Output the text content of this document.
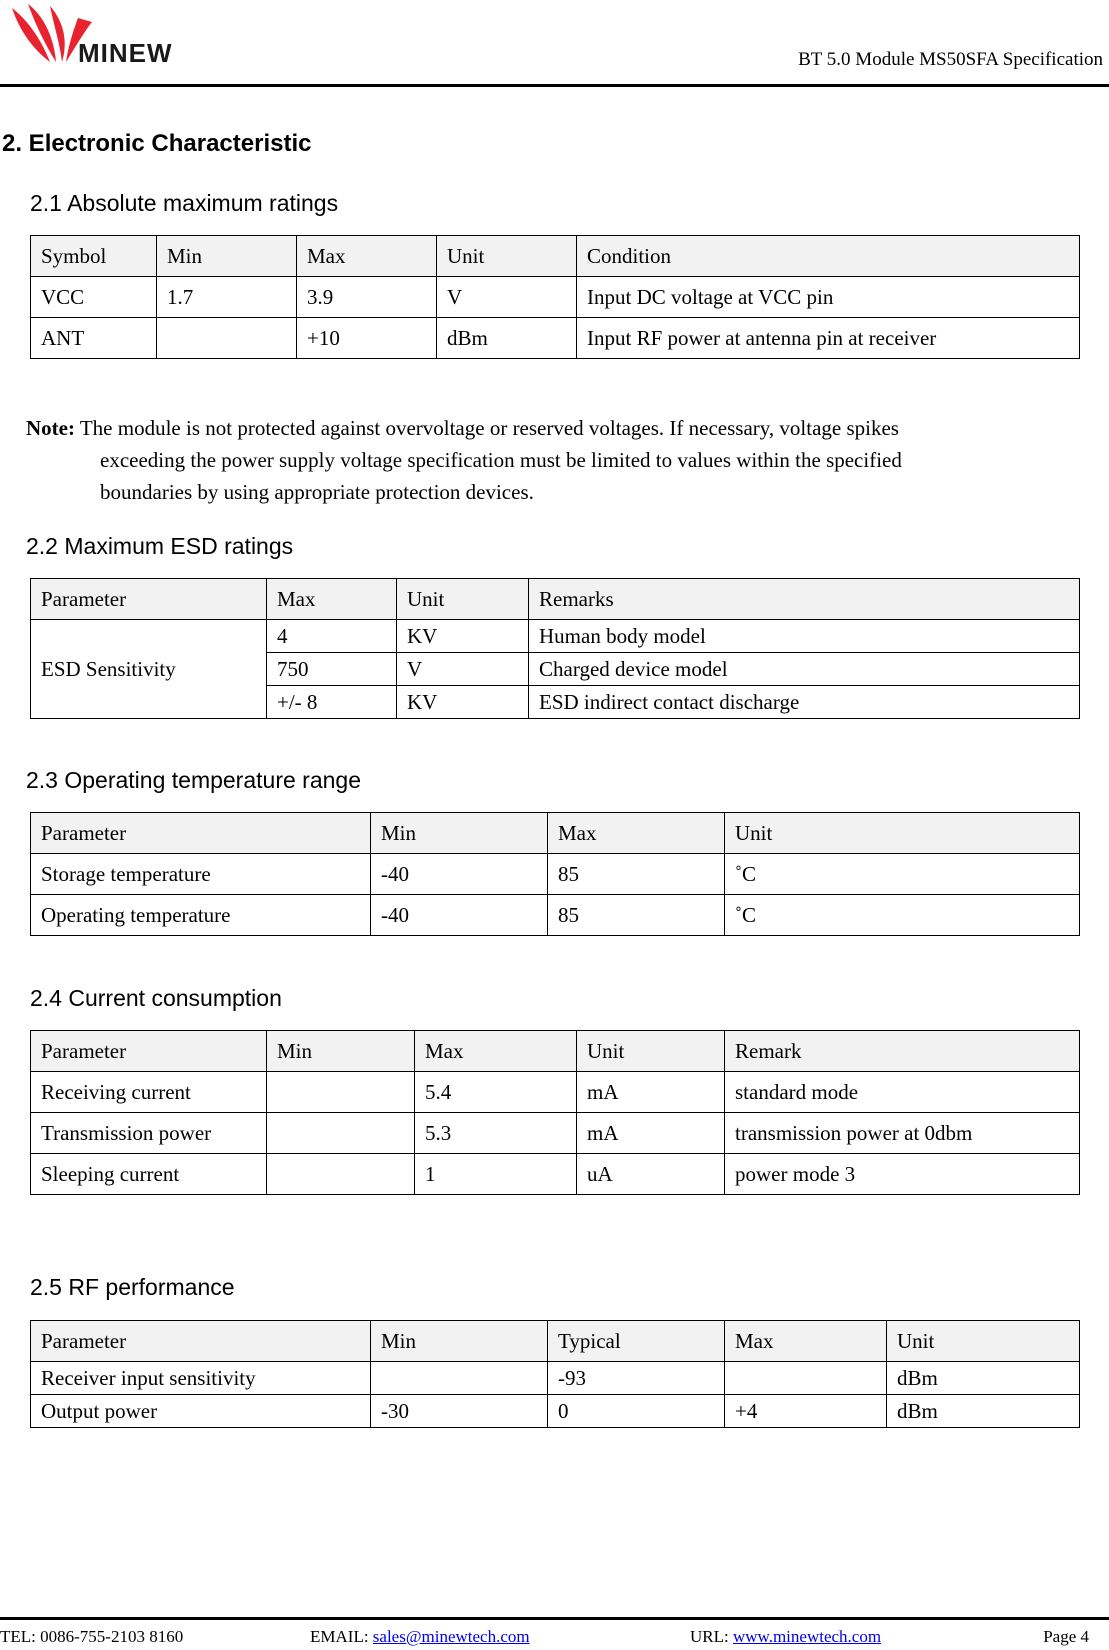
MINEW	BT 5.0 Module MS50SFA Specification
2. Electronic Characteristic
2.1 Absolute maximum ratings
Symbol	Min	Max	Unit	Condition
VCC	1.7	3.9	V	Input DC voltage at VCC pin
ANT		+10	dBm	Input RF power at antenna pin at receiver
Note: The module is not protected against overvoltage or reserved voltages. If necessary, voltage spikes
exceeding the power supply voltage specification must be limited to values within the specified
boundaries by using appropriate protection devices.
2.2 Maximum ESD ratings
Parameter	Max	Unit	Remarks
ESD Sensitivity	4	KV	Human body model
	750	V	Charged device model
	+/- 8	KV	ESD indirect contact discharge
2.3 Operating temperature range
Parameter	Min	Max	Unit
Storage temperature	-40	85	˚C
Operating temperature	-40	85	˚C
2.4 Current consumption
Parameter	Min	Max	Unit	Remark
Receiving current		5.4	mA	standard mode
Transmission power		5.3	mA	transmission power at 0dbm
Sleeping current		1	uA	power mode 3
2.5 RF performance
Parameter	Min	Typical	Max	Unit
Receiver input sensitivity		-93		dBm
Output power	-30	0	+4	dBm
TEL: 0086-755-2103 8160	EMAIL: sales@minewtech.com	URL: www.minewtech.com	Page 4
